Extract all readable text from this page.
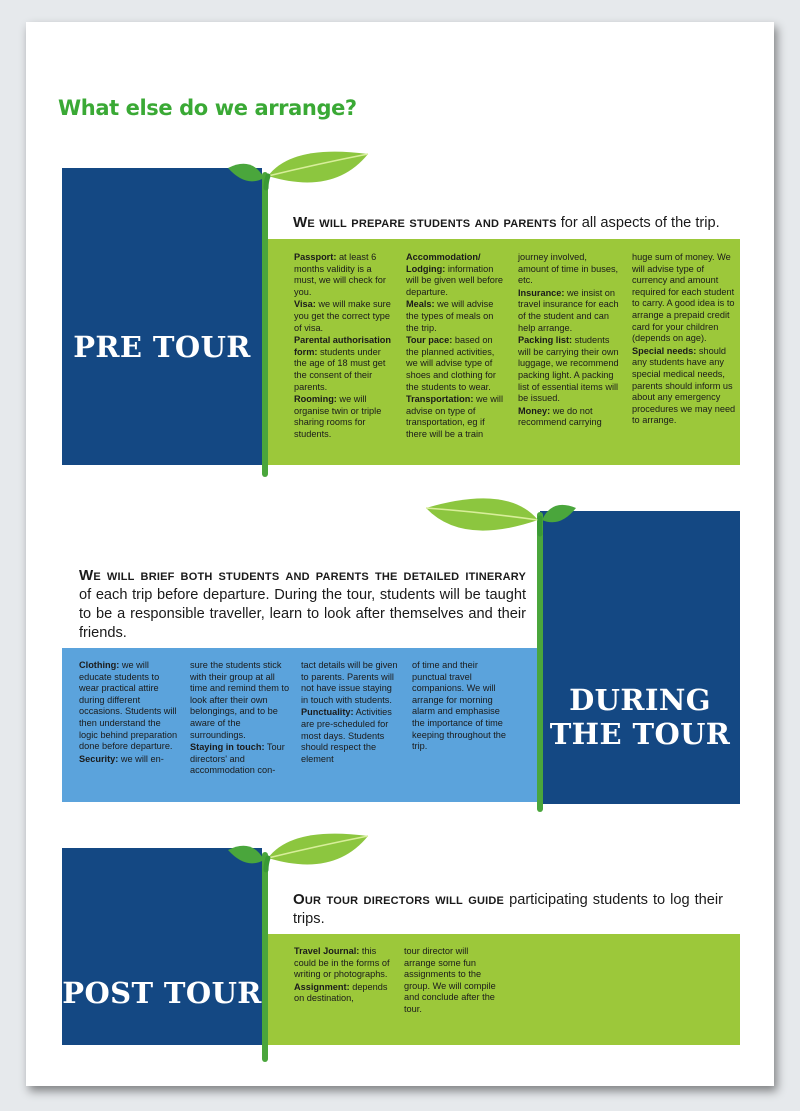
What else do we arrange?
PRE TOUR

We will prepare students and parents for all aspects of the trip.

Passport: at least 6 months validity is a must, we will check for you.

Visa: we will make sure you get the correct type of visa.

Parental authorisation form: students under the age of 18 must get the consent of their parents.

Rooming: we will organise twin or triple sharing rooms for students.

Accommodation/ Lodging: information will be given well before departure.

Meals: we will advise the types of meals on the trip.

Tour pace: based on the planned activities, we will advise type of shoes and clothing for the students to wear.

Transportation: we will advise on type of transportation, eg if there will be a train

journey involved, amount of time in buses, etc.

Insurance: we insist on travel insurance for each of the student and can help arrange.

Packing list: students will be carrying their own luggage, we recommend packing light. A packing list of essential items will be issued.

Money: we do not recommend carrying

huge sum of money. We will advise type of currency and amount required for each student to carry. A good idea is to arrange a prepaid credit card for your children (depends on age).

Special needs: should any students have any special medical needs, parents should inform us about any emergency procedures we may need to arrange.

DURING
THE TOUR

We will brief both students and parents the detailed itinerary of each trip before departure. During the tour, students will be taught to be a responsible traveller, learn to look after themselves and their friends.

Clothing: we will educate students to wear practical attire during different occasions. Students will then understand the logic behind preparation done before departure.

Security: we will en-

sure the students stick with their group at all time and remind them to look after their own belongings, and to be aware of the surroundings.

Staying in touch: Tour directors' and accommodation con-

tact details will be given to parents. Parents will not have issue staying in touch with students.

Punctuality: Activities are pre-scheduled for most days. Students should respect the element

of time and their punctual travel companions. We will arrange for morning alarm and emphasise the importance of time keeping throughout the trip.

POST TOUR

Our tour directors will guide participating students to log their trips.

Travel Journal: this could be in the forms of writing or photographs.

Assignment: depends on destination,

tour director will arrange some fun assignments to the group. We will compile and conclude after the tour.
